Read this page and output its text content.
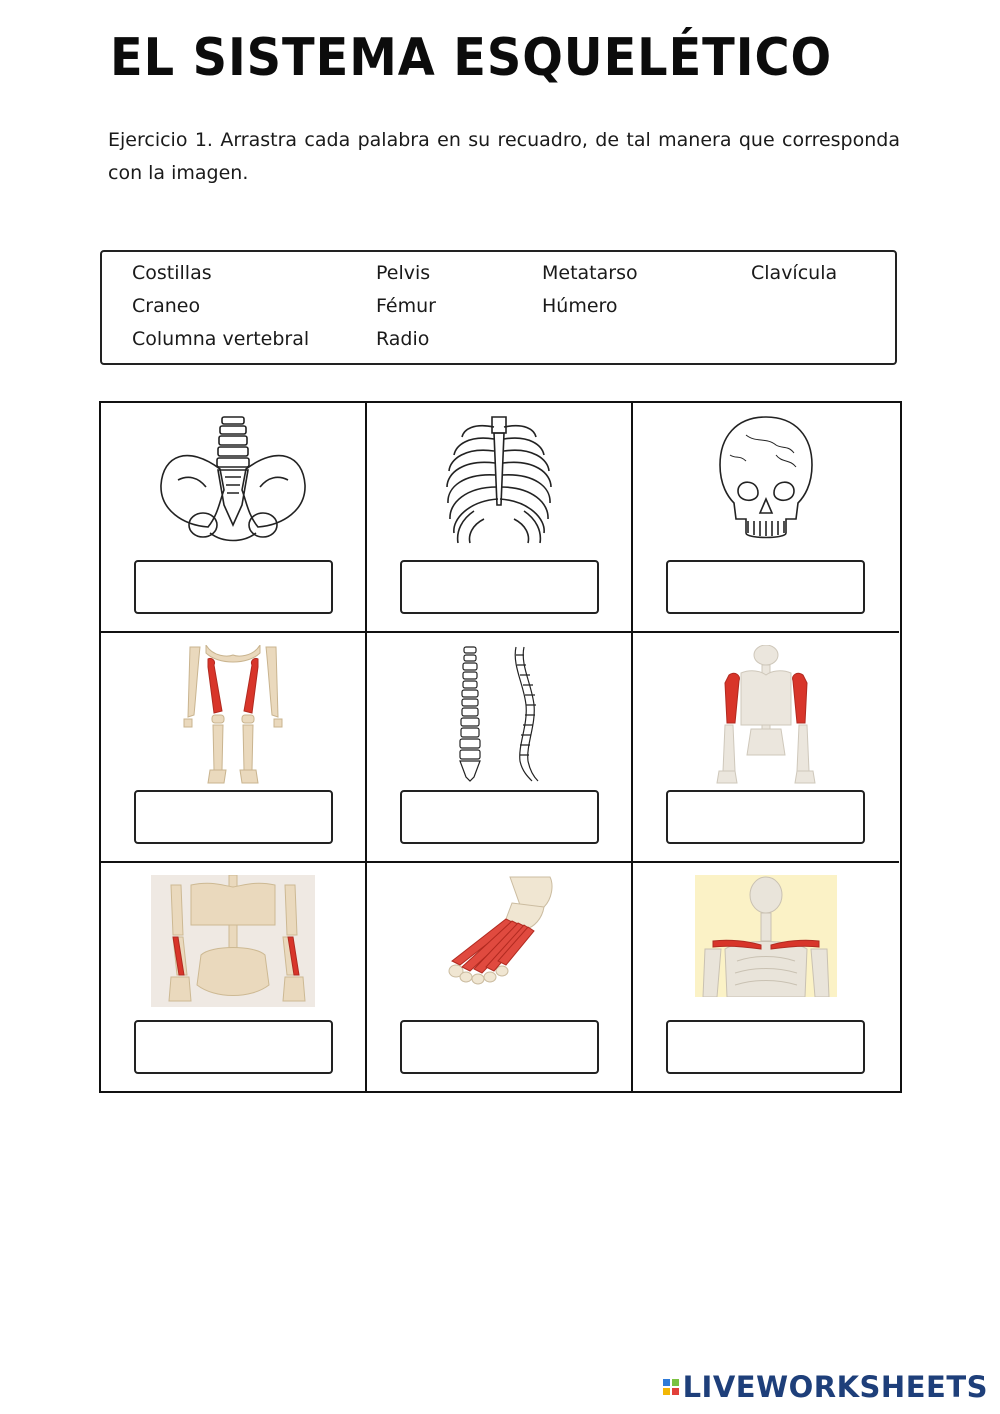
EL SISTEMA ESQUELÉTICO

Ejercicio 1. Arrastra cada palabra en su recuadro, de tal manera que corresponda con la imagen.

Costillas	Pelvis	Metatarso	Clavícula
Craneo	Fémur	Húmero
Columna vertebral	Radio
LIVEWORKSHEETS
